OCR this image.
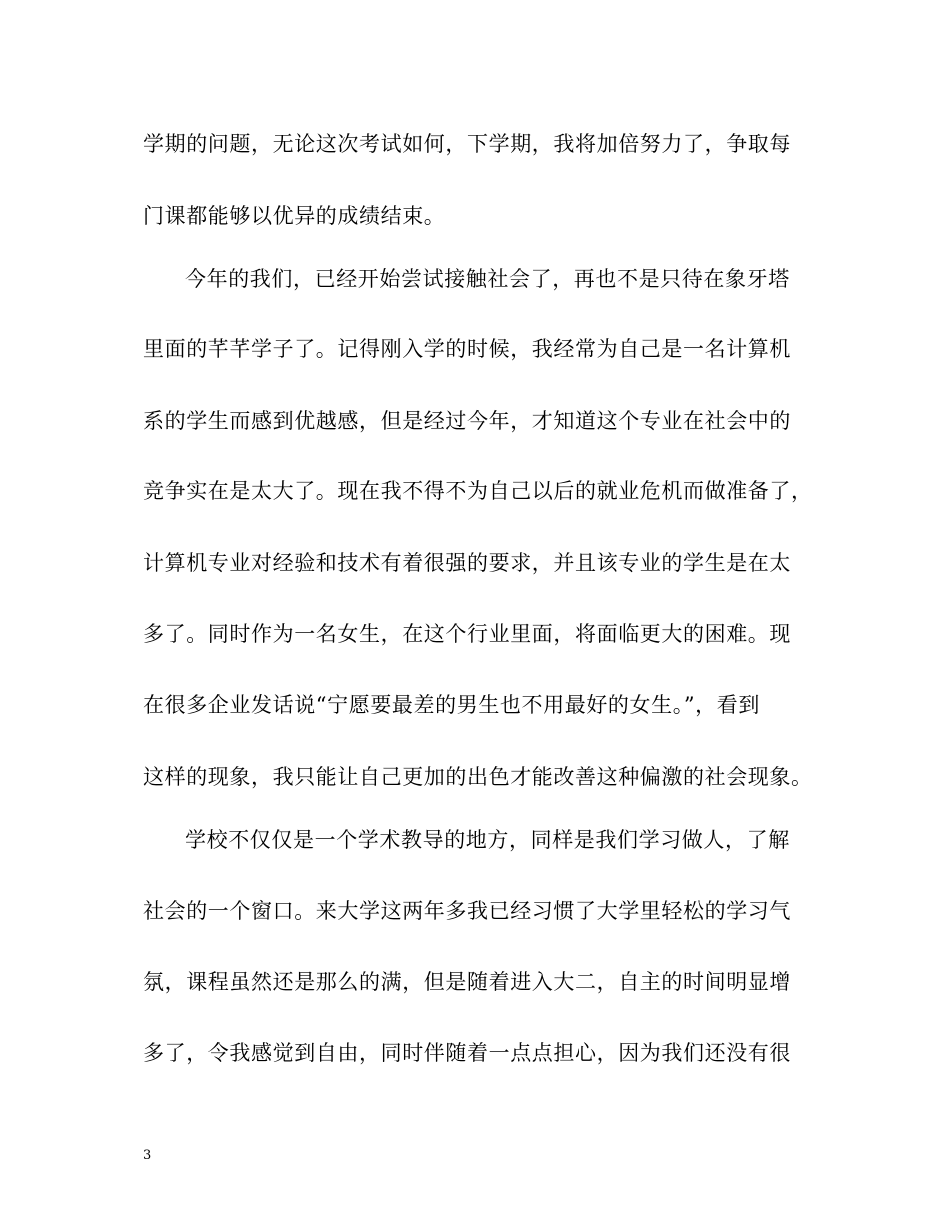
学期的问题，无论这次考试如何，下学期，我将加倍努力了，争取每
门课都能够以优异的成绩结束。
今年的我们，已经开始尝试接触社会了，再也不是只待在象牙塔
里面的芊芊学子了。记得刚入学的时候，我经常为自己是一名计算机
系的学生而感到优越感，但是经过今年，才知道这个专业在社会中的
竞争实在是太大了。现在我不得不为自己以后的就业危机而做准备了，
计算机专业对经验和技术有着很强的要求，并且该专业的学生是在太
多了。同时作为一名女生，在这个行业里面，将面临更大的困难。现
在很多企业发话说“宁愿要最差的男生也不用最好的女生。”，看到
这样的现象，我只能让自己更加的出色才能改善这种偏激的社会现象。
学校不仅仅是一个学术教导的地方，同样是我们学习做人，了解
社会的一个窗口。来大学这两年多我已经习惯了大学里轻松的学习气
氛，课程虽然还是那么的满，但是随着进入大二，自主的时间明显增
多了，令我感觉到自由，同时伴随着一点点担心，因为我们还没有很
3
